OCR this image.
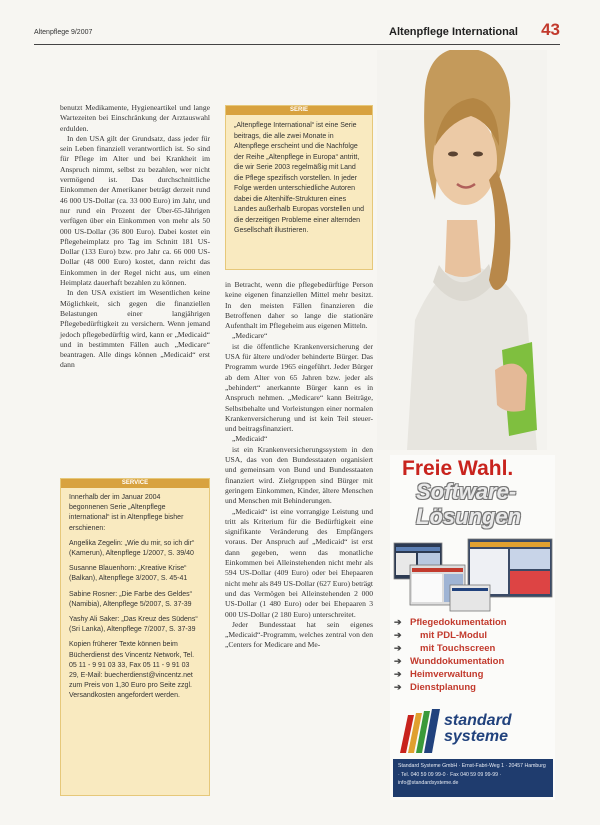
Altenpflege 9/2007	Altenpflege International 43

benutzt Medikamente, Hygieneartikel und lange Wartezeiten bei Einschränkung der Arztauswahl erdulden.

In den USA gilt der Grundsatz, dass jeder für sein Leben finanziell verantwortlich ist. So sind für Pflege im Alter und bei Krankheit im Anspruch nimmt, selbst zu bezahlen, wer nicht vermögend ist. Das durchschnittliche Einkommen der Amerikaner beträgt derzeit rund 46 000 US-Dollar (ca. 33 000 Euro) im Jahr, und nur rund ein Prozent der Über-65-Jährigen verfügen über ein Einkommen von mehr als 50 000 US-Dollar (36 800 Euro). Dabei kostet ein Pflegeheimplatz pro Tag im Schnitt 181 US-Dollar (133 Euro) bzw. pro Jahr ca. 66 000 US-Dollar (48 000 Euro) kostet, dann reicht das Einkommen in der Regel nicht aus, um einen Heimplatz dauerhaft bezahlen zu können.

In den USA existiert im Wesentlichen keine Möglichkeit, sich gegen die finanziellen Belastungen einer langjährigen Pflegebedürftigkeit zu versichern. Wenn jemand jedoch pflegebedürftig wird, kann er „Medicaid“ und in bestimmten Fällen auch „Medicare“ beantragen. Alle dings können „Medicaid“ erst dann

SERIE
„Altenpflege International“ ist eine Serie beitrags, die alle zwei Monate in Altenpflege erscheint und die Nachfolge der Reihe „Altenpflege in Europa“ antritt, die wir Serie 2003 regelmäßig mit Land die Pflege spezifisch vorstellen. In jeder Folge werden unterschiedliche Autoren dabei die Altenhilfe-Strukturen eines Landes außerhalb Europas vorstellen und die derzeitigen Probleme einer alternden Gesellschaft illustrieren.

in Betracht, wenn die pflegebedürftige Person keine eigenen finanziellen Mittel mehr besitzt. In den meisten Fällen finanzieren die Betroffenen daher so lange die stationäre Aufenthalt im Pflegeheim aus eigenen Mitteln.

„Medicare“

ist die öffentliche Krankenversicherung der USA für ältere und/oder behinderte Bürger. Das Programm wurde 1965 eingeführt. Jeder Bürger ab dem Alter von 65 Jahren bzw. jeder als „behindert“ anerkannte Bürger kann es in Anspruch nehmen. „Medicare“ kann Beiträge, Selbstbehalte und Vorleistungen einer normalen Krankenversicherung und ist kein Teil steuer- und beitragsfinanziert.

„Medicaid“

ist ein Krankenversicherungssystem in den USA, das von den Bundesstaaten organisiert und gemeinsam von Bund und Bundesstaaten finanziert wird. Zielgruppen sind Bürger mit geringem Einkommen, Kinder, ältere Menschen und Menschen mit Behinderungen.

„Medicaid“ ist eine vorrangige Leistung und tritt als Kriterium für die Bedürftigkeit eine signifikante Veränderung des Empfängers voraus. Der Anspruch auf „Medicaid“ ist erst dann gegeben, wenn das monatliche Einkommen bei Alleinstehenden nicht mehr als 594 US-Dollar (409 Euro) oder bei Ehepaaren nicht mehr als 849 US-Dollar (627 Euro) beträgt und das Vermögen bei Alleinstehenden 2 000 US-Dollar (1 480 Euro) oder bei Ehepaaren 3 000 US-Dollar (2 180 Euro) unterschreitet.

Jeder Bundesstaat hat sein eigenes „Medicaid“-Programm, welches zentral von den „Centers for Medicare and Me-

SERVICE
Innerhalb der im Januar 2004 begonnenen Serie „Altenpflege international“ ist in Altenpflege bisher erschienen:
Angelika Zegelin: „Wie du mir, so ich dir“ (Kamerun), Altenpflege 1/2007, S. 39/40
Susanne Blauenhorn: „Kreative Krise“ (Balkan), Altenpflege 3/2007, S. 45-41
Sabine Rosner: „Die Farbe des Geldes“ (Namibia), Altenpflege 5/2007, S. 37-39
Yashy Ali Saker: „Das Kreuz des Südens“ (Sri Lanka), Altenpflege 7/2007, S. 37-39
Kopien früherer Texte können beim Bücherdienst des Vincentz Network, Tel. 05 11 - 9 91 03 33, Fax 05 11 - 9 91 03 29, E-Mail: buecherdienst@vincentz.net zum Preis von 1,30 Euro pro Seite zzgl. Versandkosten angefordert werden.
Freie Wahl.
Software-
Lösungen
➔ Pflegedokumentation
➔ mit PDL-Modul
➔ mit Touchscreen
➔ Wunddokumentation
➔ Heimverwaltung
➔ Dienstplanung
standard
systeme
Standard Systeme GmbH · Ernst-Fabri-Weg 1 · 20457 Hamburg · Tel. 040 59 09 99-0 · Fax 040 59 09 99-99 · info@standardsysteme.de
